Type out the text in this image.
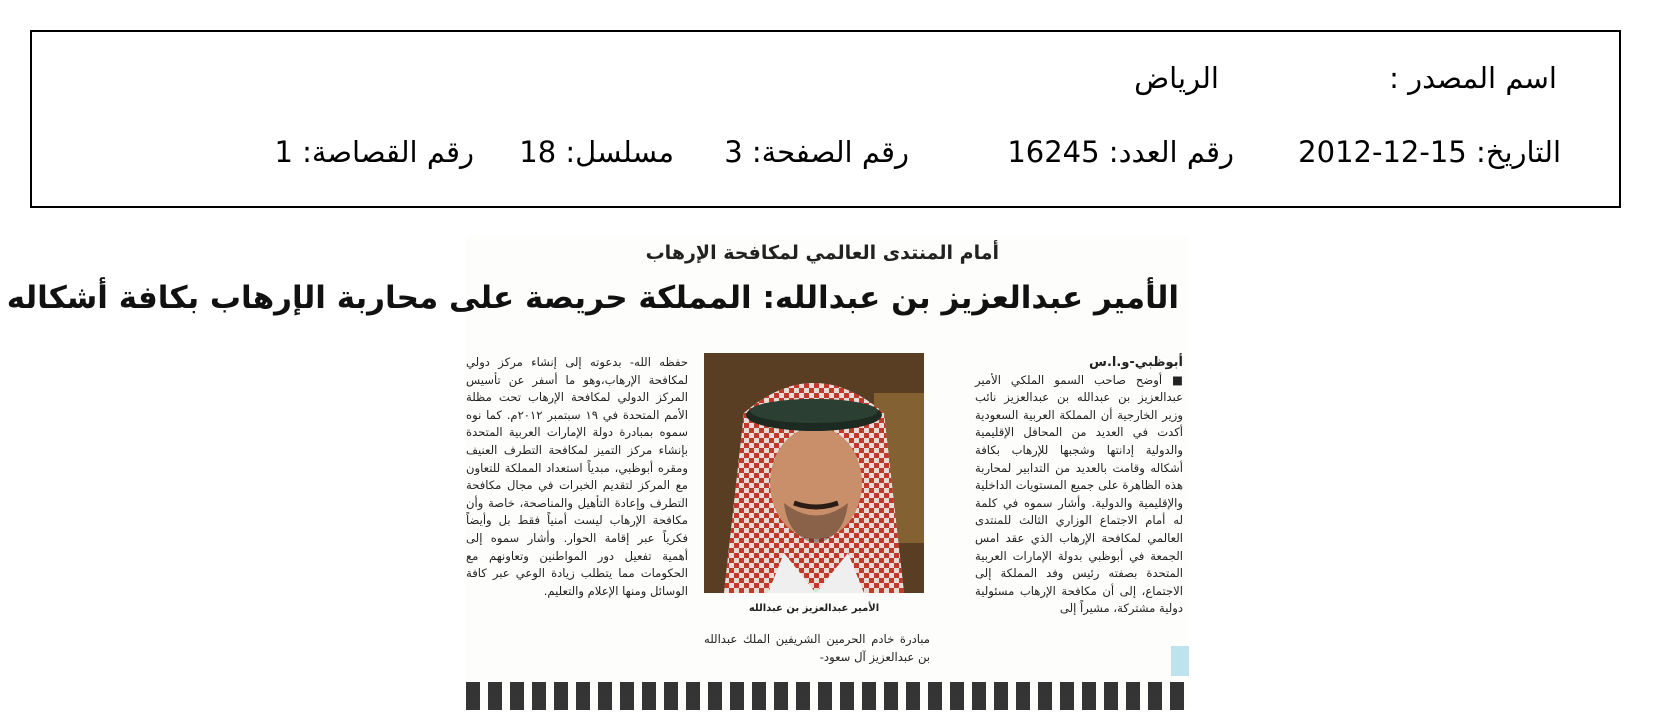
اسم المصدر :
الرياض
التاريخ: 15-12-2012
رقم العدد: 16245
رقم الصفحة: 3
مسلسل: 18
رقم القصاصة: 1
أمام المنتدى العالمي لمكافحة الإرهاب
الأمير عبدالعزيز بن عبدالله: المملكة حريصة على محاربة الإرهاب بكافة أشكاله
أبوظبي-و.ا.س
■ أوضح صاحب السمو الملكي الأمير عبدالعزيز بن عبدالله بن عبدالعزيز نائب وزير الخارجية أن المملكة العربية السعودية أكدت في العديد من المحافل الإقليمية والدولية إدانتها وشجبها للإرهاب بكافة أشكاله وقامت بالعديد من التدابير لمحاربة هذه الظاهرة على جميع المستويات الداخلية والإقليمية والدولية. وأشار سموه في كلمة له أمام الاجتماع الوزاري الثالث للمنتدى العالمي لمكافحة الإرهاب الذي عقد امس الجمعة في أبوظبي بدولة الإمارات العربية المتحدة بصفته رئيس وفد المملكة إلى الاجتماع، إلى أن مكافحة الإرهاب مسئولية دولية مشتركة، مشيراً إلى
الأمير عبدالعزيز بن عبدالله
مبادرة خادم الحرمين الشريفين الملك عبدالله بن عبدالعزيز آل سعود-
حفظه الله- بدعوته إلى إنشاء مركز دولي لمكافحة الإرهاب،وهو ما أسفر عن تأسيس المركز الدولي لمكافحة الإرهاب تحت مظلة الأمم المتحدة في ١٩ سبتمبر ٢٠١٢م. كما نوه سموه بمبادرة دولة الإمارات العربية المتحدة بإنشاء مركز التميز لمكافحة التطرف العنيف ومقره أبوظبي، مبدياً استعداد المملكة للتعاون مع المركز لتقديم الخبرات في مجال مكافحة التطرف وإعادة التأهيل والمناصحة، خاصة وأن مكافحة الإرهاب ليست أمنياً فقط بل وأيضاً فكرياً عبر إقامة الحوار. وأشار سموه إلى أهمية تفعيل دور المواطنين وتعاونهم مع الحكومات مما يتطلب زيادة الوعي عبر كافة الوسائل ومنها الإعلام والتعليم.
